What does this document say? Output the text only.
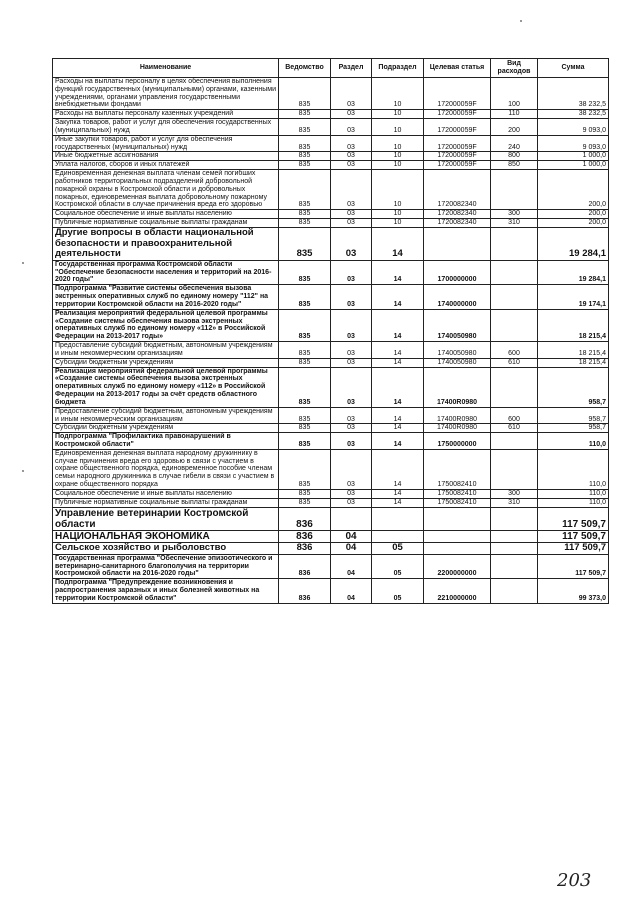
Наименование	Ведомство	Раздел	Подраздел	Целевая статья	Вид расходов	Сумма
Расходы на выплаты персоналу в целях обеспечения выполнения функций государственных (муниципальными) органами, казенными учреждениями, органами управления государственными внебюджетными фондами	835	03	10	172000059F	100	38 232,5
Расходы на выплаты персоналу казенных учреждений	835	03	10	172000059F	110	38 232,5
Закупка товаров, работ и услуг для обеспечения государственных (муниципальных) нужд	835	03	10	172000059F	200	9 093,0
Иные закупки товаров, работ и услуг для обеспечения государственных (муниципальных) нужд	835	03	10	172000059F	240	9 093,0
Иные бюджетные ассигнования	835	03	10	172000059F	800	1 000,0
Уплата налогов, сборов и иных платежей	835	03	10	172000059F	850	1 000,0
Единовременная денежная выплата членам семей погибших работников территориальных подразделений добровольной пожарной охраны в Костромской области и добровольных пожарных, единовременная выплата добровольному пожарному Костромской области в случае причинения вреда его здоровью	835	03	10	1720082340		200,0
Социальное обеспечение и иные выплаты населению	835	03	10	1720082340	300	200,0
Публичные нормативные социальные выплаты гражданам	835	03	10	1720082340	310	200,0
Другие вопросы в области национальной безопасности и правоохранительной деятельности	835	03	14			19 284,1
Государственная программа Костромской области "Обеспечение безопасности населения и территорий на 2016-2020 годы"	835	03	14	1700000000		19 284,1
Подпрограмма "Развитие системы обеспечения вызова экстренных оперативных служб по единому номеру "112" на территории Костромской области на 2016-2020 годы"	835	03	14	1740000000		19 174,1
Реализация мероприятий федеральной целевой программы «Создание системы обеспечения вызова экстренных оперативных служб по единому номеру «112» в Российской Федерации на 2013-2017 годы»	835	03	14	1740050980		18 215,4
Предоставление субсидий бюджетным, автономным учреждениям и иным некоммерческим организациям	835	03	14	1740050980	600	18 215,4
Субсидии бюджетным учреждениям	835	03	14	1740050980	610	18 215,4
Реализация мероприятий федеральной целевой программы «Создание системы обеспечения вызова экстренных оперативных служб по единому номеру «112» в Российской Федерации на 2013-2017 годы за счёт средств областного бюджета	835	03	14	17400R0980		958,7
Предоставление субсидий бюджетным, автономным учреждениям и иным некоммерческим организациям	835	03	14	17400R0980	600	958,7
Субсидии бюджетным учреждениям	835	03	14	17400R0980	610	958,7
Подпрограмма "Профилактика правонарушений в Костромской области"	835	03	14	1750000000		110,0
Единовременная денежная выплата народному дружиннику в случае причинения вреда его здоровью в связи с участием в охране общественного порядка, единовременное пособие членам семьи народного дружинника в случае гибели в связи с участием в охране общественного порядка	835	03	14	1750082410		110,0
Социальное обеспечение и иные выплаты населению	835	03	14	1750082410	300	110,0
Публичные нормативные социальные выплаты гражданам	835	03	14	1750082410	310	110,0
Управление ветеринарии Костромской области	836					117 509,7
НАЦИОНАЛЬНАЯ ЭКОНОМИКА	836	04				117 509,7
Сельское хозяйство и рыболовство	836	04	05			117 509,7
Государственная программа "Обеспечение эпизоотического и ветеринарно-санитарного благополучия на территории Костромской области на 2016-2020 годы"	836	04	05	2200000000		117 509,7
Подпрограмма "Предупреждение возникновения и распространения заразных и иных болезней животных на территории Костромской области"	836	04	05	2210000000		99 373,0
203
